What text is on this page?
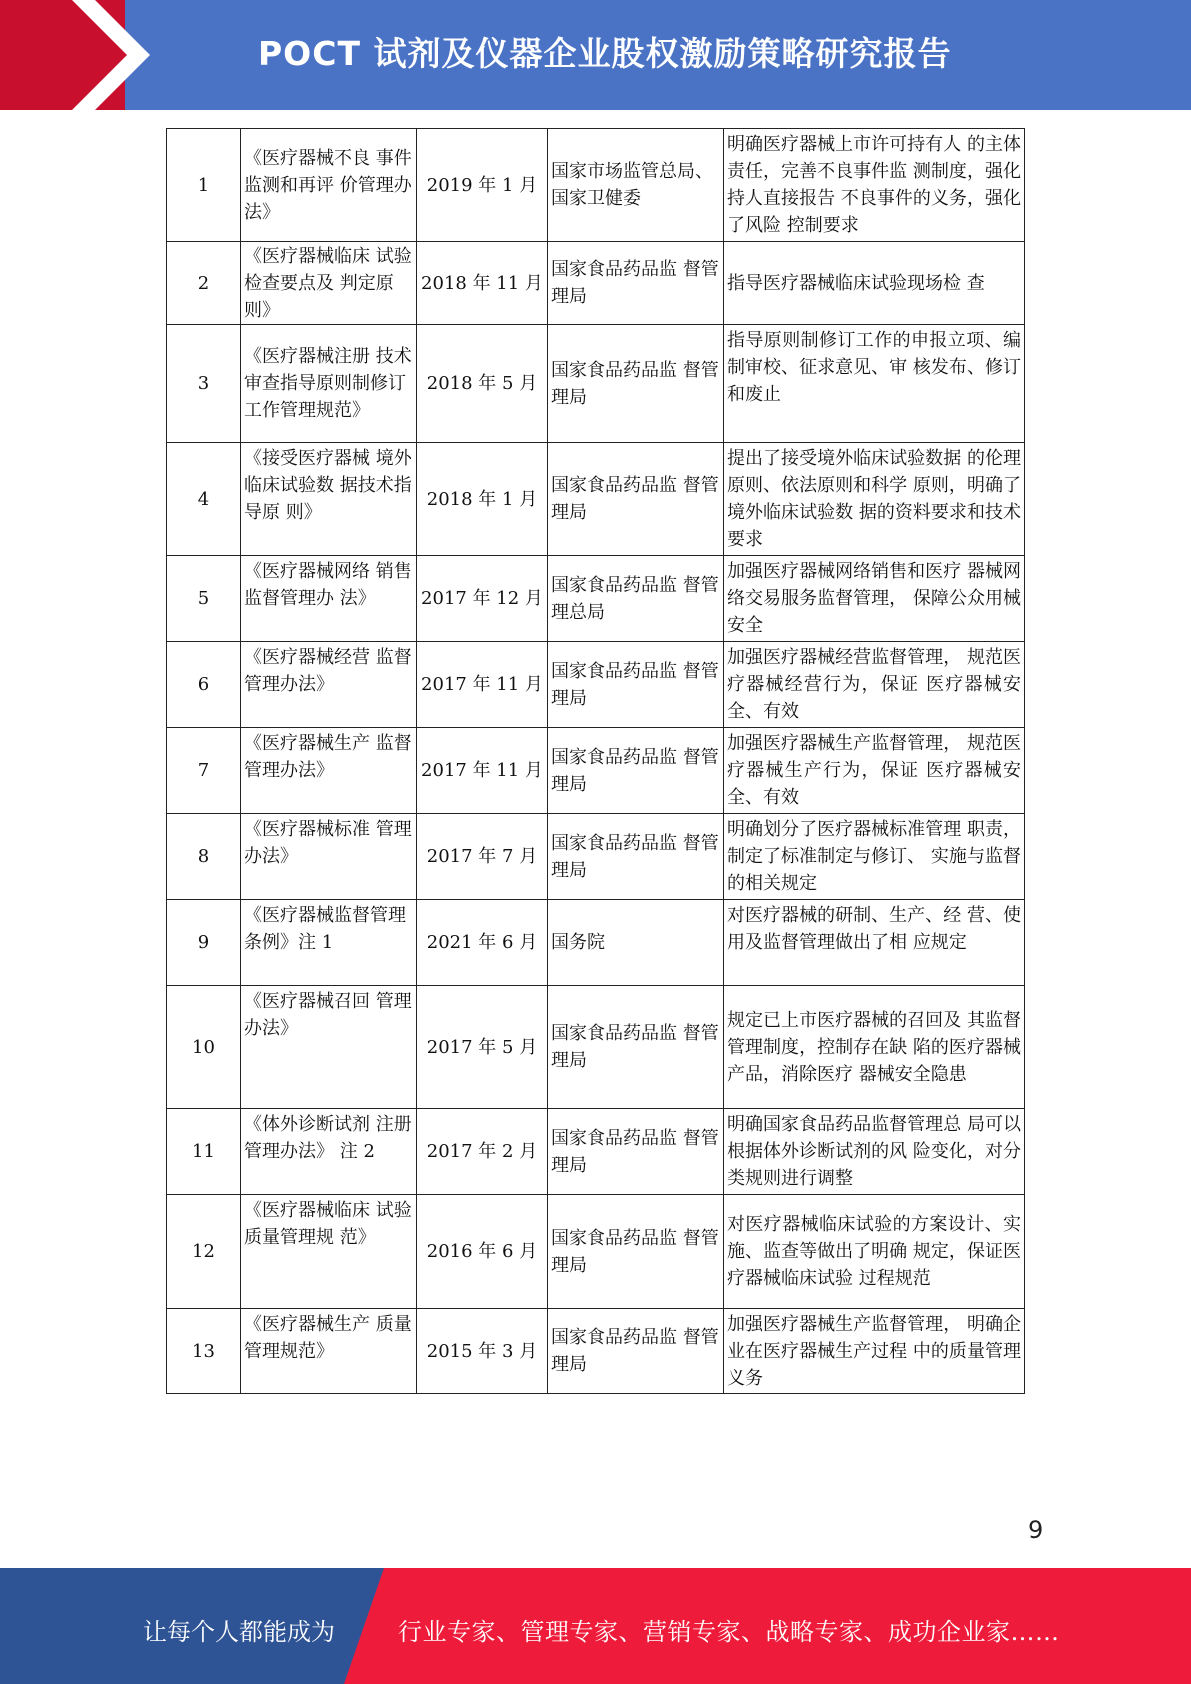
POCT 试剂及仪器企业股权激励策略研究报告
1	《医疗器械不良 事件监测和再评 价管理办法》	2019 年 1 月	国家市场监管总局、国家卫健委	明确医疗器械上市许可持有人 的主体责任，完善不良事件监 测制度，强化持人直接报告 不良事件的义务，强化了风险 控制要求
2	《医疗器械临床 试验检查要点及 判定原则》	2018 年 11 月	国家食品药品监 督管理局	指导医疗器械临床试验现场检 查
3	《医疗器械注册 技术审查指导原则制修订工作管理规范》	2018 年 5 月	国家食品药品监 督管理局	指导原则制修订工作的申报立项、编制审校、征求意见、审 核发布、修订和废止
4	《接受医疗器械 境外临床试验数 据技术指导原 则》	2018 年 1 月	国家食品药品监 督管理局	提出了接受境外临床试验数据 的伦理原则、依法原则和科学 原则，明确了境外临床试验数 据的资料要求和技术要求
5	《医疗器械网络 销售监督管理办 法》	2017 年 12 月	国家食品药品监 督管理总局	加强医疗器械网络销售和医疗 器械网络交易服务监督管理， 保障公众用械安全
6	《医疗器械经营 监督管理办法》	2017 年 11 月	国家食品药品监 督管理局	加强医疗器械经营监督管理， 规范医疗器械经营行为，保证 医疗器械安全、有效
7	《医疗器械生产 监督管理办法》	2017 年 11 月	国家食品药品监 督管理局	加强医疗器械生产监督管理， 规范医疗器械生产行为，保证 医疗器械安全、有效
8	《医疗器械标准 管理办法》	2017 年 7 月	国家食品药品监 督管理局	明确划分了医疗器械标准管理 职责，制定了标准制定与修订、 实施与监督的相关规定
9	《医疗器械监督管理条例》注 1	2021 年 6 月	国务院	对医疗器械的研制、生产、经 营、使用及监督管理做出了相 应规定
10	《医疗器械召回 管理办法》	2017 年 5 月	国家食品药品监 督管理局	规定已上市医疗器械的召回及 其监督管理制度，控制存在缺 陷的医疗器械产品，消除医疗 器械安全隐患
11	《体外诊断试剂 注册管理办法》 注 2	2017 年 2 月	国家食品药品监 督管理局	明确国家食品药品监督管理总 局可以根据体外诊断试剂的风 险变化，对分类规则进行调整
12	《医疗器械临床 试验质量管理规 范》	2016 年 6 月	国家食品药品监 督管理局	对医疗器械临床试验的方案设计、实施、监查等做出了明确 规定，保证医疗器械临床试验 过程规范
13	《医疗器械生产 质量管理规范》	2015 年 3 月	国家食品药品监 督管理局	加强医疗器械生产监督管理， 明确企业在医疗器械生产过程 中的质量管理义务
9
让每个人都能成为	行业专家、管理专家、营销专家、战略专家、成功企业家……
